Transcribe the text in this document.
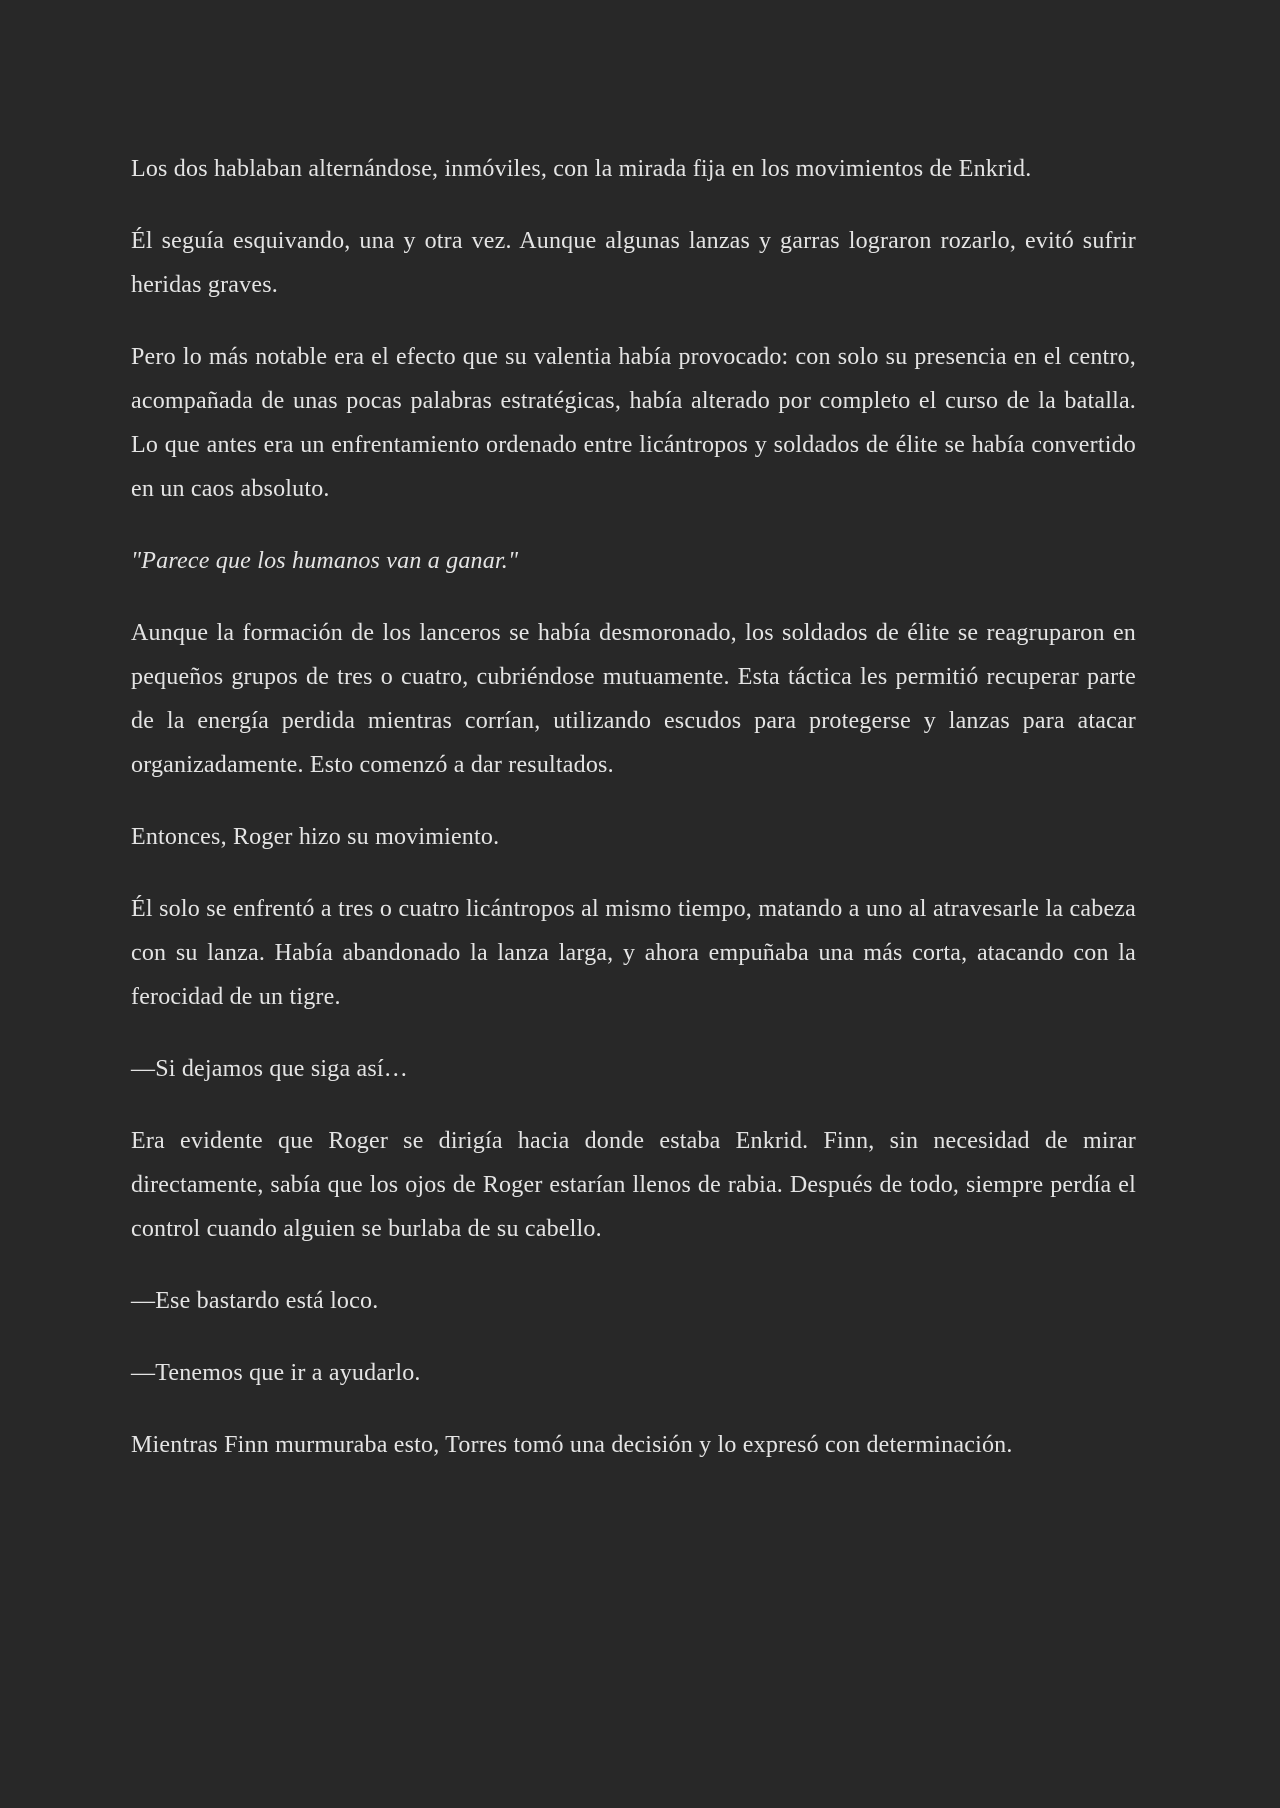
Los dos hablaban alternándose, inmóviles, con la mirada fija en los movimientos de Enkrid.

Él seguía esquivando, una y otra vez. Aunque algunas lanzas y garras lograron rozarlo, evitó sufrir heridas graves.

Pero lo más notable era el efecto que su valentia había provocado: con solo su presencia en el centro, acompañada de unas pocas palabras estratégicas, había alterado por completo el curso de la batalla. Lo que antes era un enfrentamiento ordenado entre licántropos y soldados de élite se había convertido en un caos absoluto.

"Parece que los humanos van a ganar."

Aunque la formación de los lanceros se había desmoronado, los soldados de élite se reagruparon en pequeños grupos de tres o cuatro, cubriéndose mutuamente. Esta táctica les permitió recuperar parte de la energía perdida mientras corrían, utilizando escudos para protegerse y lanzas para atacar organizadamente. Esto comenzó a dar resultados.

Entonces, Roger hizo su movimiento.

Él solo se enfrentó a tres o cuatro licántropos al mismo tiempo, matando a uno al atravesarle la cabeza con su lanza. Había abandonado la lanza larga, y ahora empuñaba una más corta, atacando con la ferocidad de un tigre.

—Si dejamos que siga así…

Era evidente que Roger se dirigía hacia donde estaba Enkrid. Finn, sin necesidad de mirar directamente, sabía que los ojos de Roger estarían llenos de rabia. Después de todo, siempre perdía el control cuando alguien se burlaba de su cabello.

—Ese bastardo está loco.

—Tenemos que ir a ayudarlo.

Mientras Finn murmuraba esto, Torres tomó una decisión y lo expresó con determinación.
